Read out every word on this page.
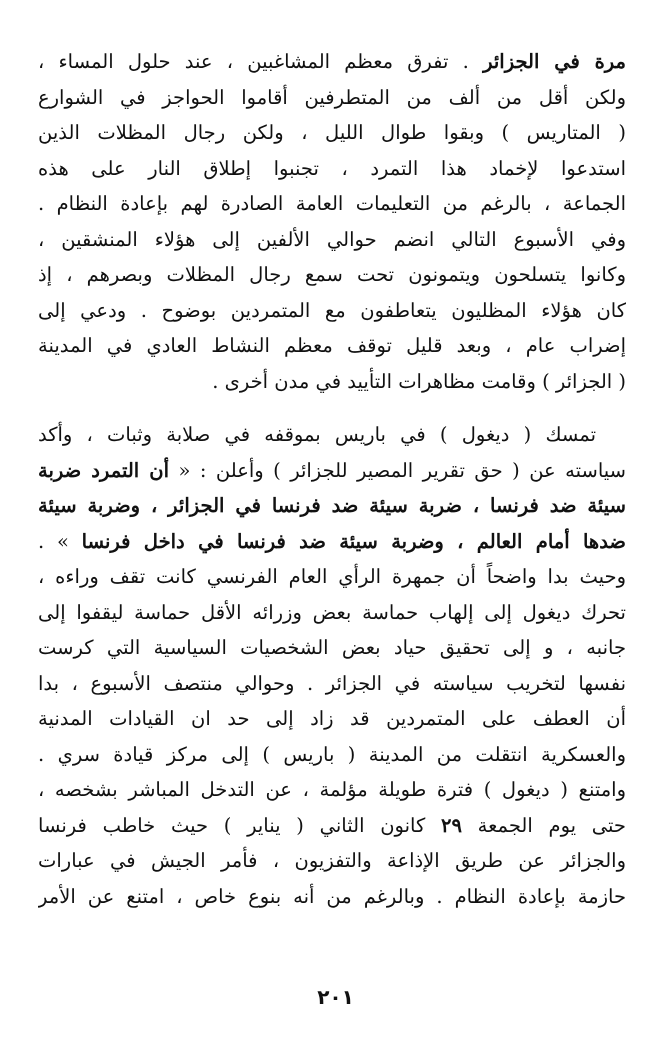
مرة في الجزائر . تفرق معظم المشاغبين ، عند حلول المساء ،
ولكن أقل من ألف من المتطرفين أقاموا الحواجز في الشوارع
( المتاريس ) وبقوا طوال الليل ، ولكن رجال المظلات الذين
استدعوا لإخماد هذا التمرد ، تجنبوا إطلاق النار على هذه
الجماعة ، بالرغم من التعليمات العامة الصادرة لهم بإعادة النظام .
وفي الأسبوع التالي انضم حوالي الألفين إلى هؤلاء المنشقين ،
وكانوا يتسلحون ويتمونون تحت سمع رجال المظلات وبصرهم ، إذ
كان هؤلاء المظليون يتعاطفون مع المتمردين بوضوح . ودعي إلى
إضراب عام ، وبعد قليل توقف معظم النشاط العادي في المدينة
( الجزائر ) وقامت مظاهرات التأييد في مدن أخرى .
تمسك ( ديغول ) في باريس بموقفه في صلابة وثبات ، وأكد
سياسته عن ( حق تقرير المصير للجزائر ) وأعلن : « أن التمرد ضربة
سيئة ضد فرنسا ، ضربة سيئة ضد فرنسا في الجزائر ، وضربة سيئة
ضدها أمام العالم ، وضربة سيئة ضد فرنسا في داخل فرنسا » .
وحيث بدا واضحاً أن جمهرة الرأي العام الفرنسي كانت تقف وراءه ،
تحرك ديغول إلى إلهاب حماسة بعض وزرائه الأقل حماسة ليقفوا إلى
جانبه ، و إلى تحقيق حياد بعض الشخصيات السياسية التي كرست
نفسها لتخريب سياسته في الجزائر . وحوالي منتصف الأسبوع ، بدا
أن العطف على المتمردين قد زاد إلى حد ان القيادات المدنية
والعسكرية انتقلت من المدينة ( باريس ) إلى مركز قيادة سري .
وامتنع ( ديغول ) فترة طويلة مؤلمة ، عن التدخل المباشر بشخصه ،
حتى يوم الجمعة ٢٩ كانون الثاني ( يناير ) حيث خاطب فرنسا
والجزائر عن طريق الإذاعة والتفزيون ، فأمر الجيش في عبارات
حازمة بإعادة النظام . وبالرغم من أنه بنوع خاص ، امتنع عن الأمر
٢٠١
